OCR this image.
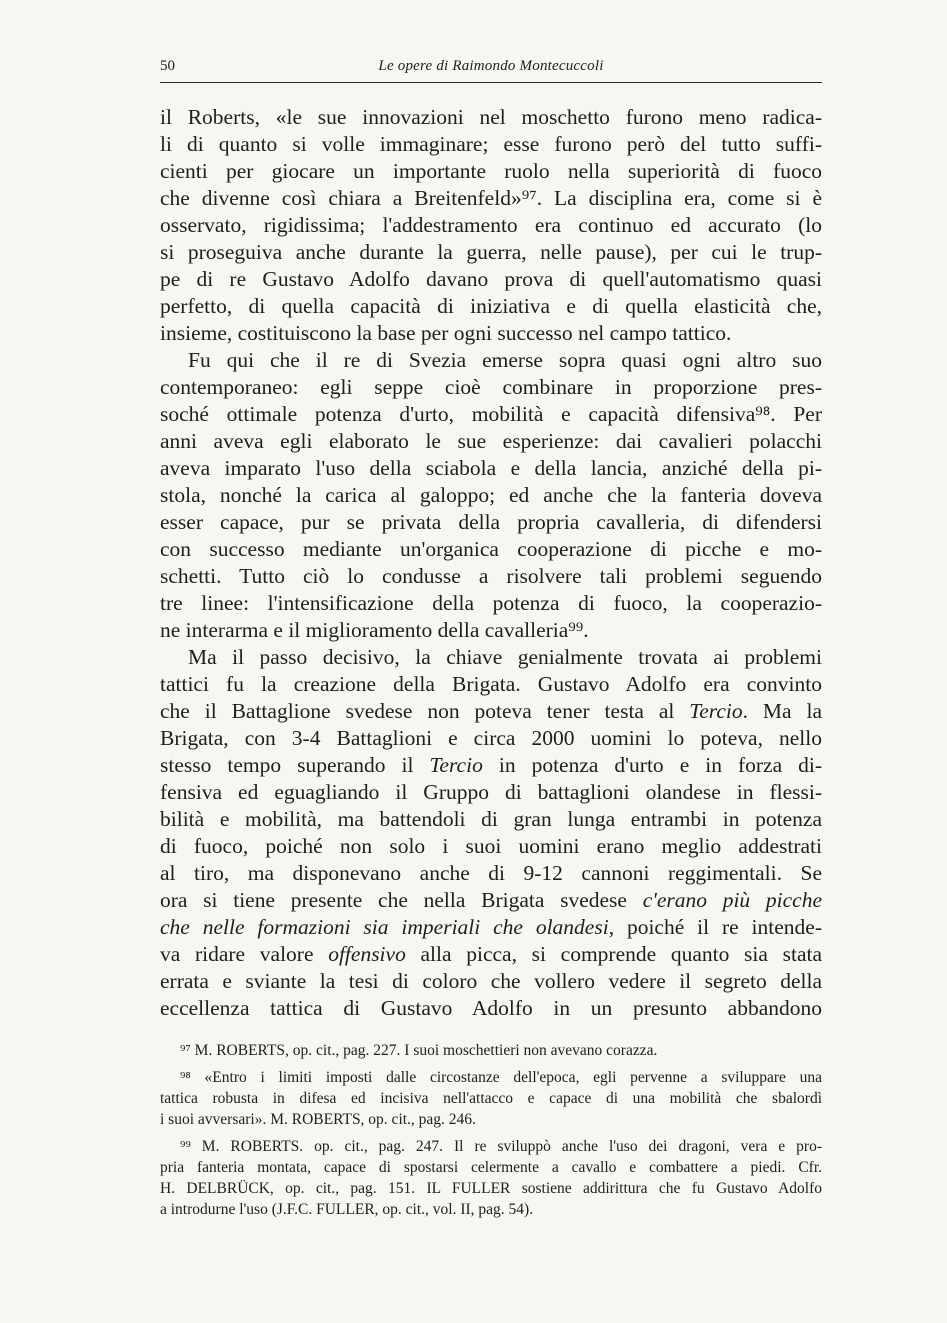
50	Le opere di Raimondo Montecuccoli
il Roberts, «le sue innovazioni nel moschetto furono meno radica-
li di quanto si volle immaginare; esse furono però del tutto suffi-
cienti per giocare un importante ruolo nella superiorità di fuoco
che divenne così chiara a Breitenfeld»⁹⁷. La disciplina era, come si è
osservato, rigidissima; l'addestramento era continuo ed accurato (lo
si proseguiva anche durante la guerra, nelle pause), per cui le trup-
pe di re Gustavo Adolfo davano prova di quell'automatismo quasi
perfetto, di quella capacità di iniziativa e di quella elasticità che,
insieme, costituiscono la base per ogni successo nel campo tattico.
Fu qui che il re di Svezia emerse sopra quasi ogni altro suo
contemporaneo: egli seppe cioè combinare in proporzione pres-
soché ottimale potenza d'urto, mobilità e capacità difensiva⁹⁸. Per
anni aveva egli elaborato le sue esperienze: dai cavalieri polacchi
aveva imparato l'uso della sciabola e della lancia, anziché della pi-
stola, nonché la carica al galoppo; ed anche che la fanteria doveva
esser capace, pur se privata della propria cavalleria, di difendersi
con successo mediante un'organica cooperazione di picche e mo-
schetti. Tutto ciò lo condusse a risolvere tali problemi seguendo
tre linee: l'intensificazione della potenza di fuoco, la cooperazio-
ne interarma e il miglioramento della cavalleria⁹⁹.
Ma il passo decisivo, la chiave genialmente trovata ai problemi
tattici fu la creazione della Brigata. Gustavo Adolfo era convinto
che il Battaglione svedese non poteva tener testa al Tercio. Ma la
Brigata, con 3-4 Battaglioni e circa 2000 uomini lo poteva, nello
stesso tempo superando il Tercio in potenza d'urto e in forza di-
fensiva ed eguagliando il Gruppo di battaglioni olandese in flessi-
bilità e mobilità, ma battendoli di gran lunga entrambi in potenza
di fuoco, poiché non solo i suoi uomini erano meglio addestrati
al tiro, ma disponevano anche di 9-12 cannoni reggimentali. Se
ora si tiene presente che nella Brigata svedese c'erano più picche
che nelle formazioni sia imperiali che olandesi, poiché il re intende-
va ridare valore offensivo alla picca, si comprende quanto sia stata
errata e sviante la tesi di coloro che vollero vedere il segreto della
eccellenza tattica di Gustavo Adolfo in un presunto abbandono
⁹⁷ M. ROBERTS, op. cit., pag. 227. I suoi moschettieri non avevano corazza.
⁹⁸ «Entro i limiti imposti dalle circostanze dell'epoca, egli pervenne a sviluppare una
tattica robusta in difesa ed incisiva nell'attacco e capace di una mobilità che sbalordì
i suoi avversari». M. ROBERTS, op. cit., pag. 246.
⁹⁹ M. ROBERTS. op. cit., pag. 247. Il re sviluppò anche l'uso dei dragoni, vera e pro-
pria fanteria montata, capace di spostarsi celermente a cavallo e combattere a piedi. Cfr.
H. DELBRÜCK, op. cit., pag. 151. IL FULLER sostiene addirittura che fu Gustavo Adolfo
a introdurne l'uso (J.F.C. FULLER, op. cit., vol. II, pag. 54).
